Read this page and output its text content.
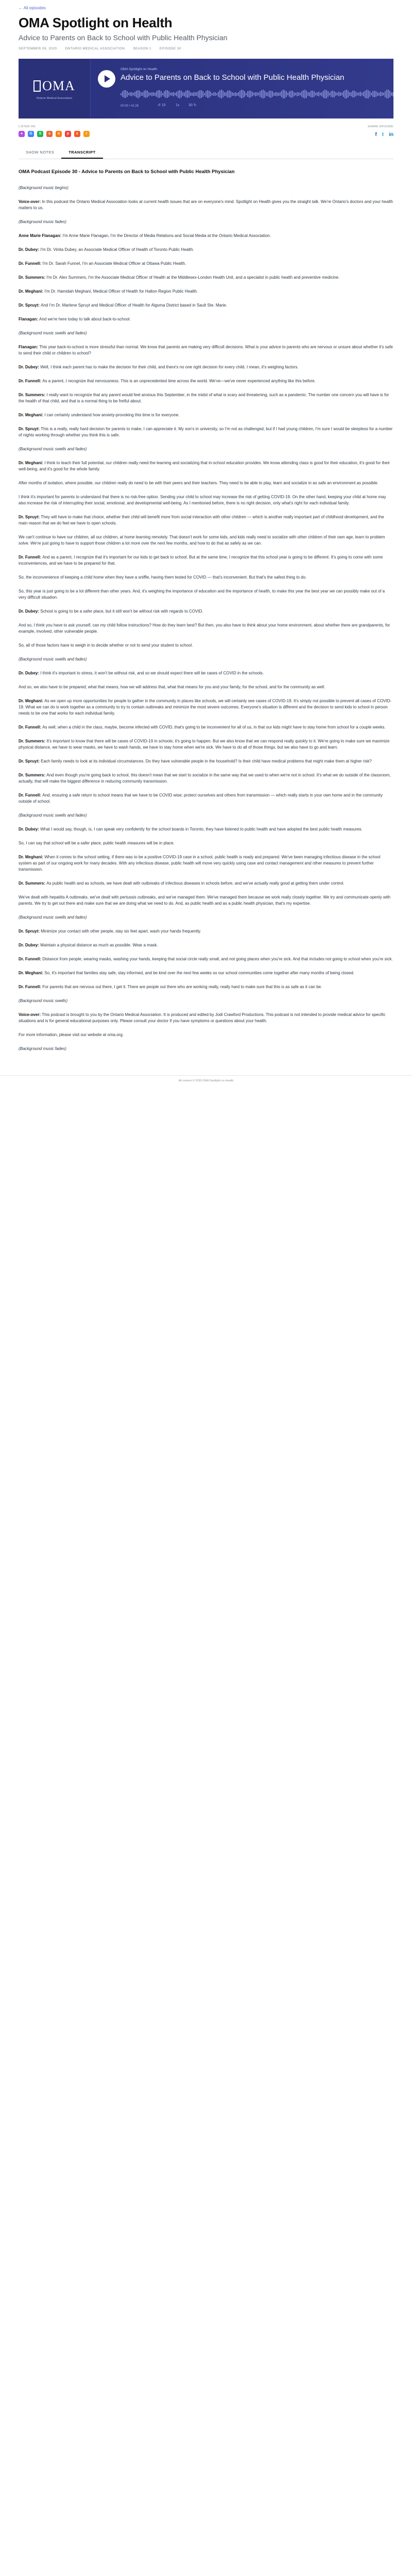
← All episodes
OMA Spotlight on Health
Advice to Parents on Back to School with Public Health Physician
SEPTEMBER 09, 2020 ONTARIO MEDICAL ASSOCIATION SEASON 1 EPISODE 30
OMA
Ontario Medical Association
OMA Spotlight on Health
Advice to Parents on Back to School with Public Health Physician
00:00 / 41:28	↺ 15	1x	30 ↻
LISTEN ON
●	G	S	s	o	p	c	r
SHARE EPISODE
f t in
SHOW NOTES	TRANSCRIPT
OMA Podcast Episode 30 - Advice to Parents on Back to School with Public Health Physician

(Background music begins)

Voice-over: In this podcast the Ontario Medical Association looks at current health issues that are on everyone's mind. Spotlight on Health gives you the straight talk. We're Ontario's doctors and your health matters to us.

(Background music fades)

Anne Marie Flanagan: I'm Anne Marie Flanagan, I'm the Director of Media Relations and Social Media at the Ontario Medical Association.

Dr. Dubey: I'm Dr. Vinita Dubey, an Associate Medical Officer of Health of Toronto Public Health.

Dr. Funnell: I'm Dr. Sarah Funnel, I'm an Associate Medical Officer at Ottawa Public Health.

Dr. Summers: I'm Dr. Alex Summers, I'm the Associate Medical Officer of Health at the Middlesex-London Health Unit, and a specialist in public health and preventive medicine.

Dr. Meghani: I'm Dr. Hamidah Meghani, Medical Officer of Health for Halton Region Public Health.

Dr. Spruyt: And I'm Dr. Marlene Spruyt and Medical Officer of Health for Algoma District based in Sault Ste. Marie.

Flanagan: And we're here today to talk about back-to-school.

(Background music swells and fades)

Flanagan: This year back-to-school is more stressful than normal. We know that parents are making very difficult decisions. What is your advice to parents who are nervous or unsure about whether it's safe to send their child or children to school?

Dr. Dubey: Well, I think each parent has to make the decision for their child, and there's no one right decision for every child. I mean, it's weighing factors.

Dr. Funnell: As a parent, I recognize that nervousness. This is an unprecedented time across the world. We've—we've never experienced anything like this before.

Dr. Summers: I really want to recognize that any parent would feel anxious this September, in the midst of what is scary and threatening, such as a pandemic. The number one concern you will have is for the health of that child, and that is a normal thing to be fretful about.

Dr. Meghani: I can certainly understand how anxiety-provoking this time is for everyone.

Dr. Spruyt: This is a really, really hard decision for parents to make, I can appreciate it. My son's in university, so I'm not as challenged, but if I had young children, I'm sure I would be sleepless for a number of nights working through whether you think this is safe.

(Background music swells and fades)

Dr. Meghani: I think to teach their full potential, our children really need the learning and socializing that in-school education provides. We know attending class is good for their education, it's good for their well-being, and it's good for the whole family.

After months of isolation, where possible, our children really do need to be with their peers and their teachers. They need to be able to play, learn and socialize in as safe an environment as possible.

I think it's important for parents to understand that there is no risk-free option. Sending your child to school may increase the risk of getting COVID-19. On the other hand, keeping your child at home may also increase the risk of interrupting their social, emotional, and developmental well-being. As I mentioned before, there is no right decision, only what's right for each individual family.

Dr. Spruyt: They will have to make that choice, whether their child will benefit more from social interaction with other children — which is another really important part of childhood development, and the main reason that we do feel we have to open schools.

We can't continue to have our children, all our children, at home learning remotely. That doesn't work for some kids, and kids really need to socialize with other children of their own age, learn to problem solve. We're just going to have to support those children a lot more over the next few months, and how to do that as safely as we can.

Dr. Funnell: And as a parent, I recognize that it's important for our kids to get back to school. But at the same time, I recognize that this school year is going to be different. It's going to come with some inconveniences, and we have to be prepared for that.

So, the inconvenience of keeping a child home when they have a sniffle, having them tested for COVID — that's inconvenient. But that's the safest thing to do.

So, this year is just going to be a lot different than other years. And, it's weighing the importance of education and the importance of health, to make this year the best year we can possibly make out of a very difficult situation.

Dr. Dubey: School is going to be a safer place, but it still won't be without risk with regards to COVID.

And so, I think you have to ask yourself, can my child follow instructions? How do they learn best? But then, you also have to think about your home environment, about whether there are grandparents, for example, involved, other vulnerable people.

So, all of those factors have to weigh in to decide whether or not to send your student to school.

(Background music swells and fades)

Dr. Dubey: I think it's important to stress, it won't be without risk, and so we should expect there will be cases of COVID in the schools.

And so, we also have to be prepared; what that means, how we will address that, what that means for you and your family, for the school, and for the community as well.

Dr. Meghani: As we open up more opportunities for people to gather in the community in places like schools, we will certainly see cases of COVID-19. It's simply not possible to prevent all cases of COVID-19. What we can do is work together as a community to try to contain outbreaks and minimize the most severe outcomes. Everyone's situation is different and the decision to send kids to school in person needs to be one that works for each individual family.

Dr. Funnell: As well, when a child in the class, maybe, become infected with COVID, that's going to be inconvenient for all of us, in that our kids might have to stay home from school for a couple weeks.

Dr. Summers: It's important to know that there will be cases of COVID-19 in schools; it's going to happen. But we also know that we can respond really quickly to it. We're going to make sure we maximize physical distance, we have to wear masks, we have to wash hands, we have to stay home when we're sick. We have to do all of those things, but we also have to go and learn.

Dr. Spruyt: Each family needs to look at its individual circumstances. Do they have vulnerable people in the household? Is their child have medical problems that might make them at higher risk?

Dr. Summers: And even though you're going back to school, this doesn't mean that we start to socialize in the same way that we used to when we're not in school. It's what we do outside of the classroom, actually, that will make the biggest difference in reducing community transmission.

Dr. Funnell: And, ensuring a safe return to school means that we have to be COVID wise; protect ourselves and others from transmission — which really starts in your own home and in the community outside of school.

(Background music swells and fades)

Dr. Dubey: What I would say, though, is, I can speak very confidently for the school boards in Toronto, they have listened to public health and have adopted the best public health measures.

So, I can say that school will be a safer place, public health measures will be in place.

Dr. Meghani: When it comes to the school setting, if there was to be a positive COVID-19 case in a school, public health is ready and prepared. We've been managing infectious disease in the school system as part of our ongoing work for many decades. With any infectious disease, public health will move very quickly using case and contact management and other measures to prevent further transmission.

Dr. Summers: As public health and as schools, we have dealt with outbreaks of infectious diseases in schools before, and we've actually really good at getting them under control.

We've dealt with hepatitis A outbreaks, we've dealt with pertussis outbreaks, and we've managed them. We've managed them because we work really closely together. We try and communicate openly with parents. We try to get out there and make sure that we are doing what we need to do. And, as public health and as a public health physician, that's my expertise.

(Background music swells and fades)

Dr. Spruyt: Minimize your contact with other people, stay six feet apart, wash your hands frequently.

Dr. Dubey: Maintain a physical distance as much as possible. Wear a mask.

Dr. Funnell: Distance from people, wearing masks, washing your hands, keeping that social circle really small, and not going places when you're sick. And that includes not going to school when you're sick.

Dr. Meghani: So, it's important that families stay safe, stay informed, and be kind over the next few weeks so our school communities come together after many months of being closed.

Dr. Funnell: For parents that are nervous out there, I get it. There are people out there who are working really, really hard to make sure that this is as safe as it can be.

(Background music swells)

Voice-over: This podcast is brought to you by the Ontario Medical Association. It is produced and edited by Jodi Crawford Productions. This podcast is not intended to provide medical advice for specific situations and is for general educational purposes only. Please consult your doctor if you have symptoms or questions about your health.

For more information, please visit our website at oma.org.

(Background music fades)

All content © 2020 OMA Spotlight on Health
